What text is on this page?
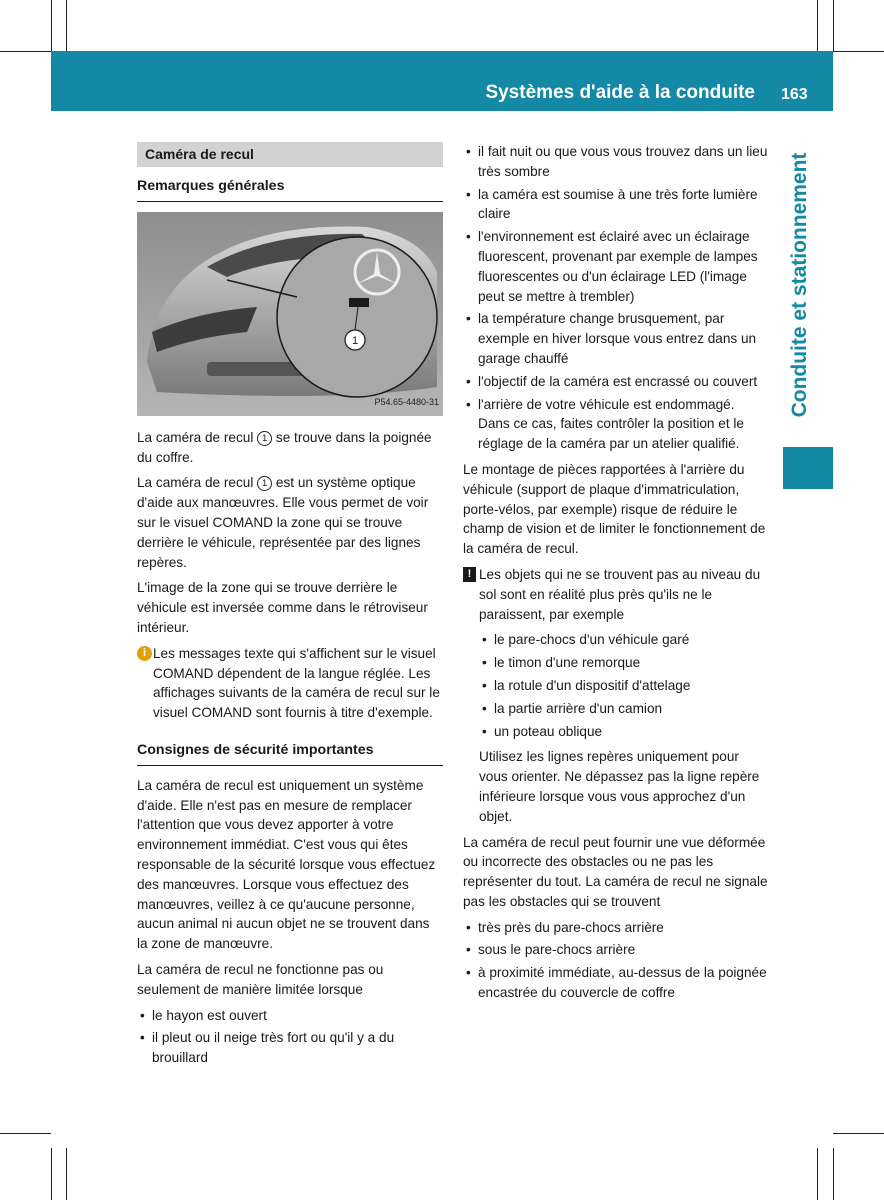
Systèmes d'aide à la conduite 163
Conduite et stationnement
Caméra de recul
Remarques générales
1
P54.65-4480-31

La caméra de recul 1 se trouve dans la poignée du coffre.

La caméra de recul 1 est un système optique d'aide aux manœuvres. Elle vous permet de voir sur le visuel COMAND la zone qui se trouve derrière le véhicule, représentée par des lignes repères.

L'image de la zone qui se trouve derrière le véhicule est inversée comme dans le rétroviseur intérieur.

i Les messages texte qui s'affichent sur le visuel COMAND dépendent de la langue réglée. Les affichages suivants de la caméra de recul sur le visuel COMAND sont fournis à titre d'exemple.
Consignes de sécurité importantes

La caméra de recul est uniquement un système d'aide. Elle n'est pas en mesure de remplacer l'attention que vous devez apporter à votre environnement immédiat. C'est vous qui êtes responsable de la sécurité lorsque vous effectuez des manœuvres. Lorsque vous effectuez des manœuvres, veillez à ce qu'aucune personne, aucun animal ni aucun objet ne se trouvent dans la zone de manœuvre.

La caméra de recul ne fonctionne pas ou seulement de manière limitée lorsque

• le hayon est ouvert
• il pleut ou il neige très fort ou qu'il y a du brouillard
• il fait nuit ou que vous vous trouvez dans un lieu très sombre
• la caméra est soumise à une très forte lumière claire
• l'environnement est éclairé avec un éclairage fluorescent, provenant par exemple de lampes fluorescentes ou d'un éclairage LED (l'image peut se mettre à trembler)
• la température change brusquement, par exemple en hiver lorsque vous entrez dans un garage chauffé
• l'objectif de la caméra est encrassé ou couvert
• l'arrière de votre véhicule est endommagé. Dans ce cas, faites contrôler la position et le réglage de la caméra par un atelier qualifié.

Le montage de pièces rapportées à l'arrière du véhicule (support de plaque d'immatriculation, porte-vélos, par exemple) risque de réduire le champ de vision et de limiter le fonctionnement de la caméra de recul.

! Les objets qui ne se trouvent pas au niveau du sol sont en réalité plus près qu'ils ne le paraissent, par exemple
• le pare-chocs d'un véhicule garé
• le timon d'une remorque
• la rotule d'un dispositif d'attelage
• la partie arrière d'un camion
• un poteau oblique

Utilisez les lignes repères uniquement pour vous orienter. Ne dépassez pas la ligne repère inférieure lorsque vous vous approchez d'un objet.

La caméra de recul peut fournir une vue déformée ou incorrecte des obstacles ou ne pas les représenter du tout. La caméra de recul ne signale pas les obstacles qui se trouvent

• très près du pare-chocs arrière
• sous le pare-chocs arrière
• à proximité immédiate, au-dessus de la poignée encastrée du couvercle de coffre
